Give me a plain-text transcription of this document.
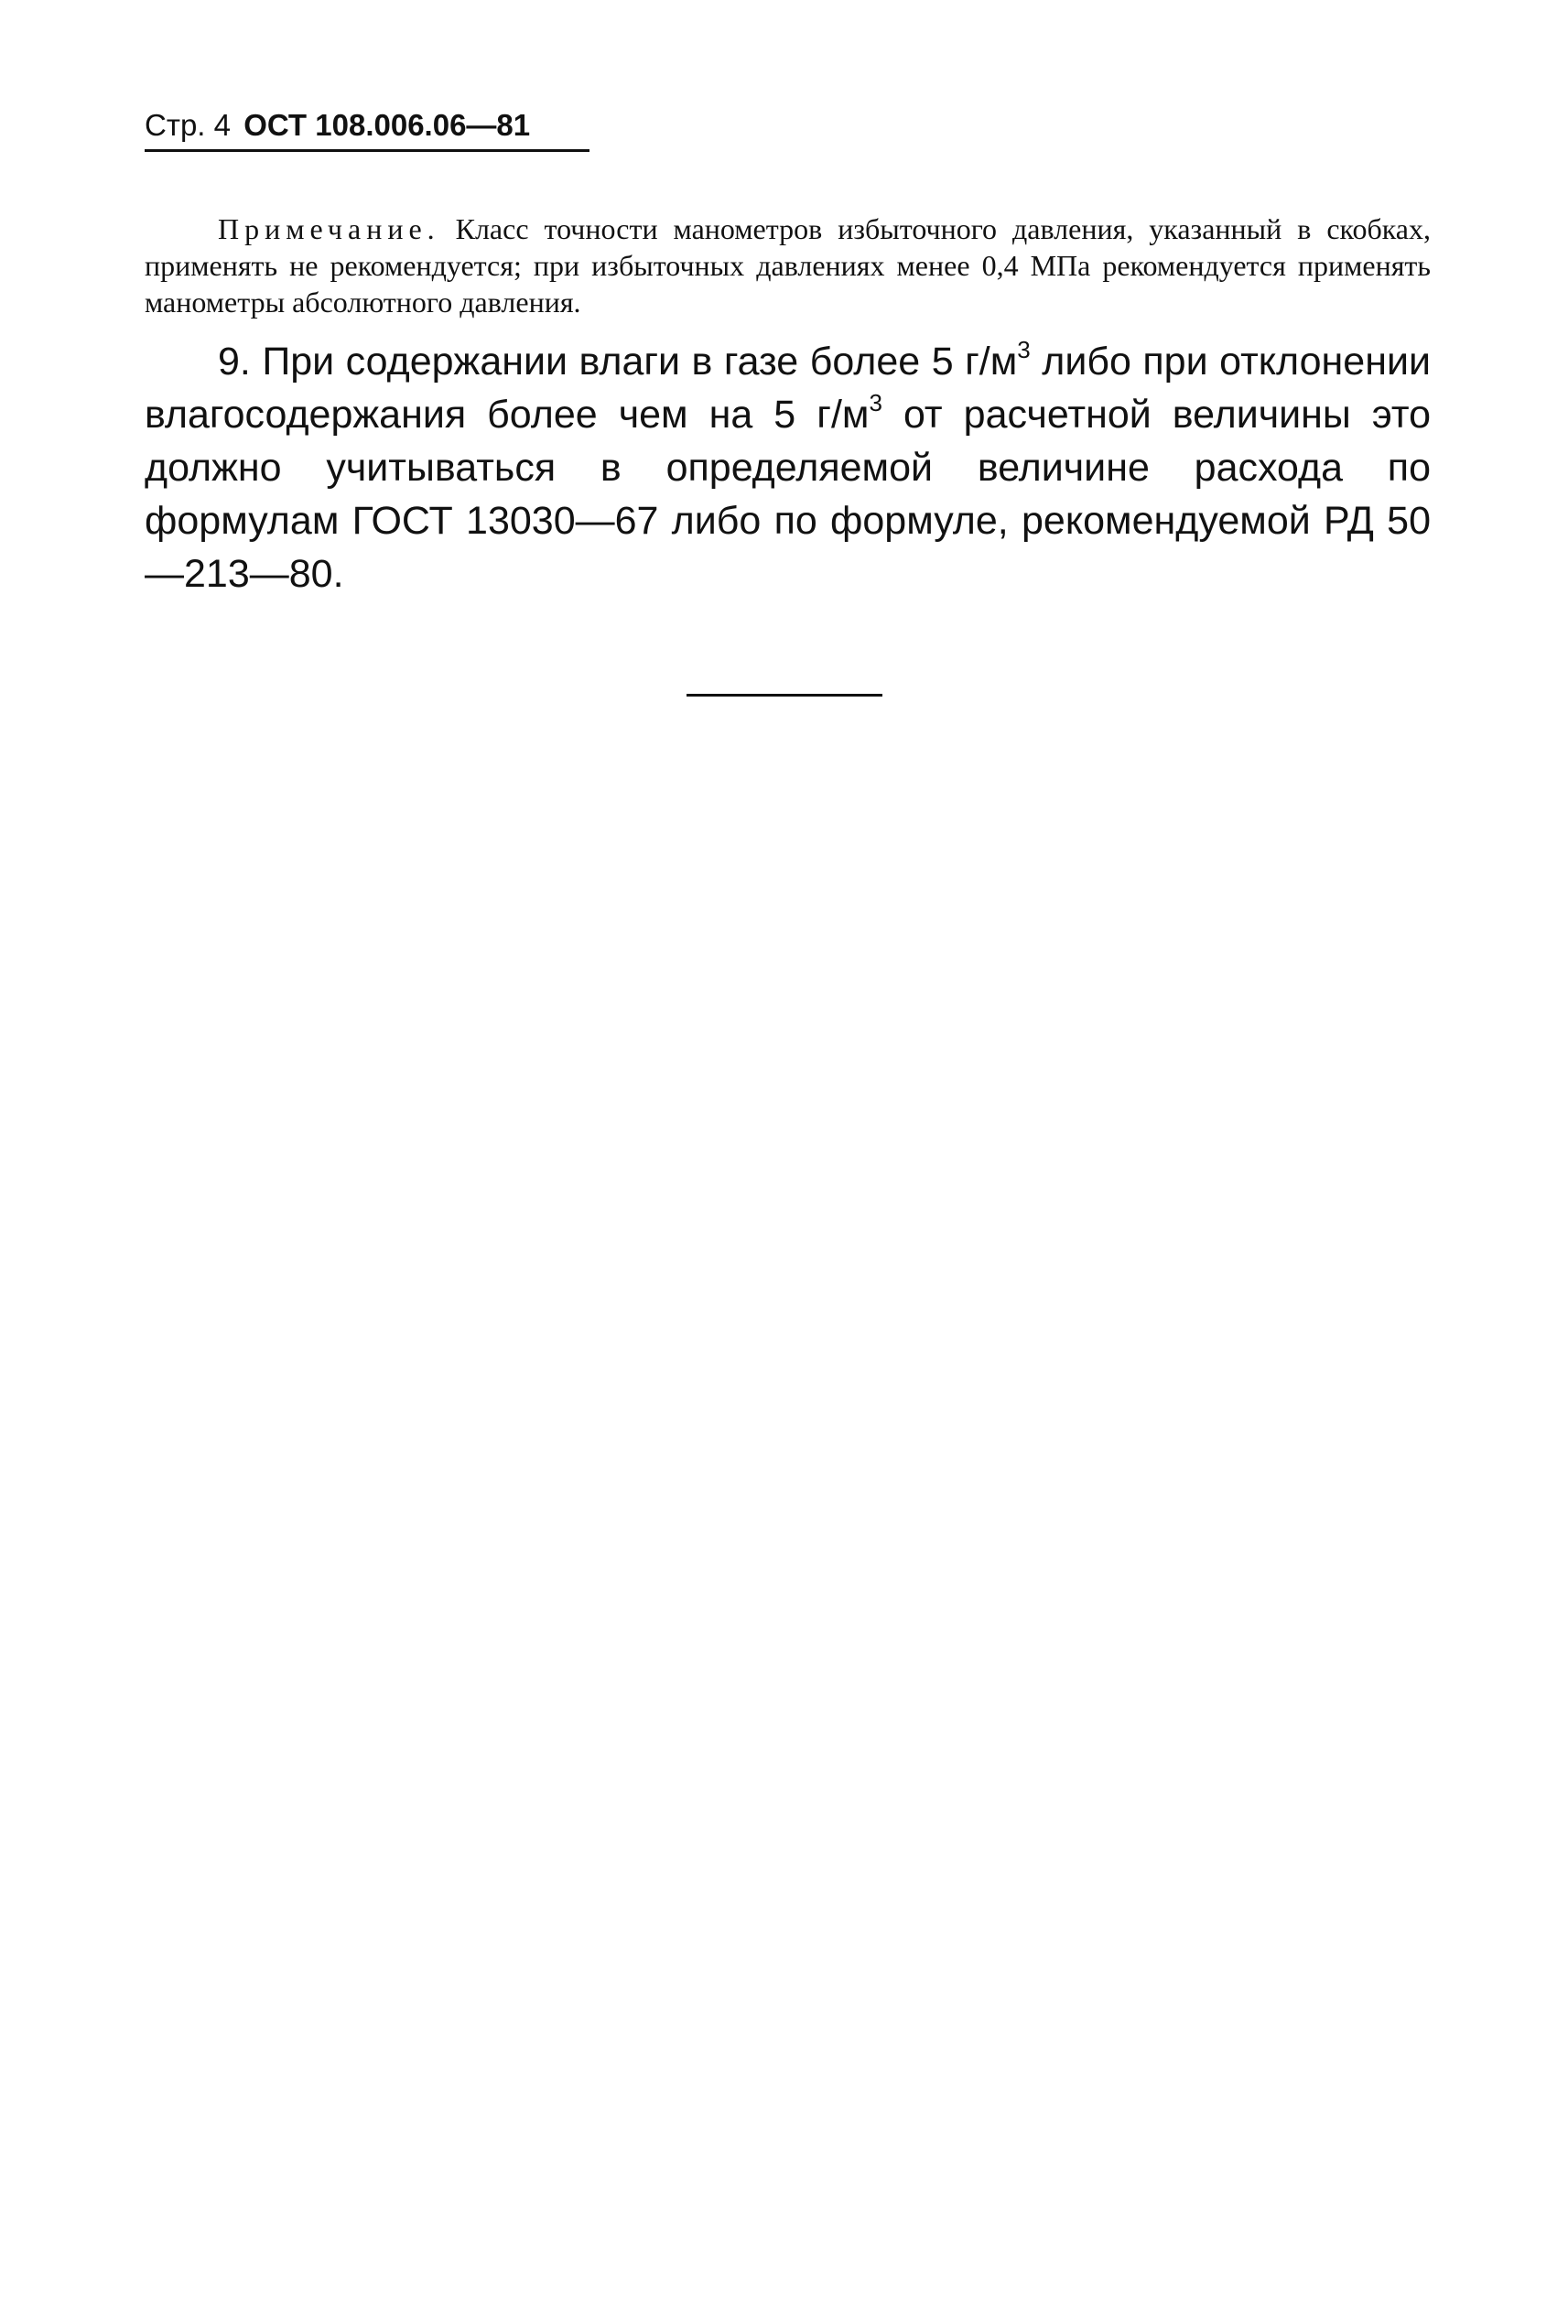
Стр. 4 ОСТ 108.006.06—81

Примечание. Класс точности манометров избыточного давления, указанный в скобках, применять не рекомендуется; при избыточных давлениях менее 0,4 МПа рекомендуется применять манометры абсолютного давления.

9. При содержании влаги в газе более 5 $г/м^3$ либо при отклонении влагосодержания более чем на 5 $г/м^3$ от расчетной величины это должно учитываться в определяемой величине расхода по формулам ГОСТ 13030—67 либо по формуле, рекомендуемой РД 50—213—80.
